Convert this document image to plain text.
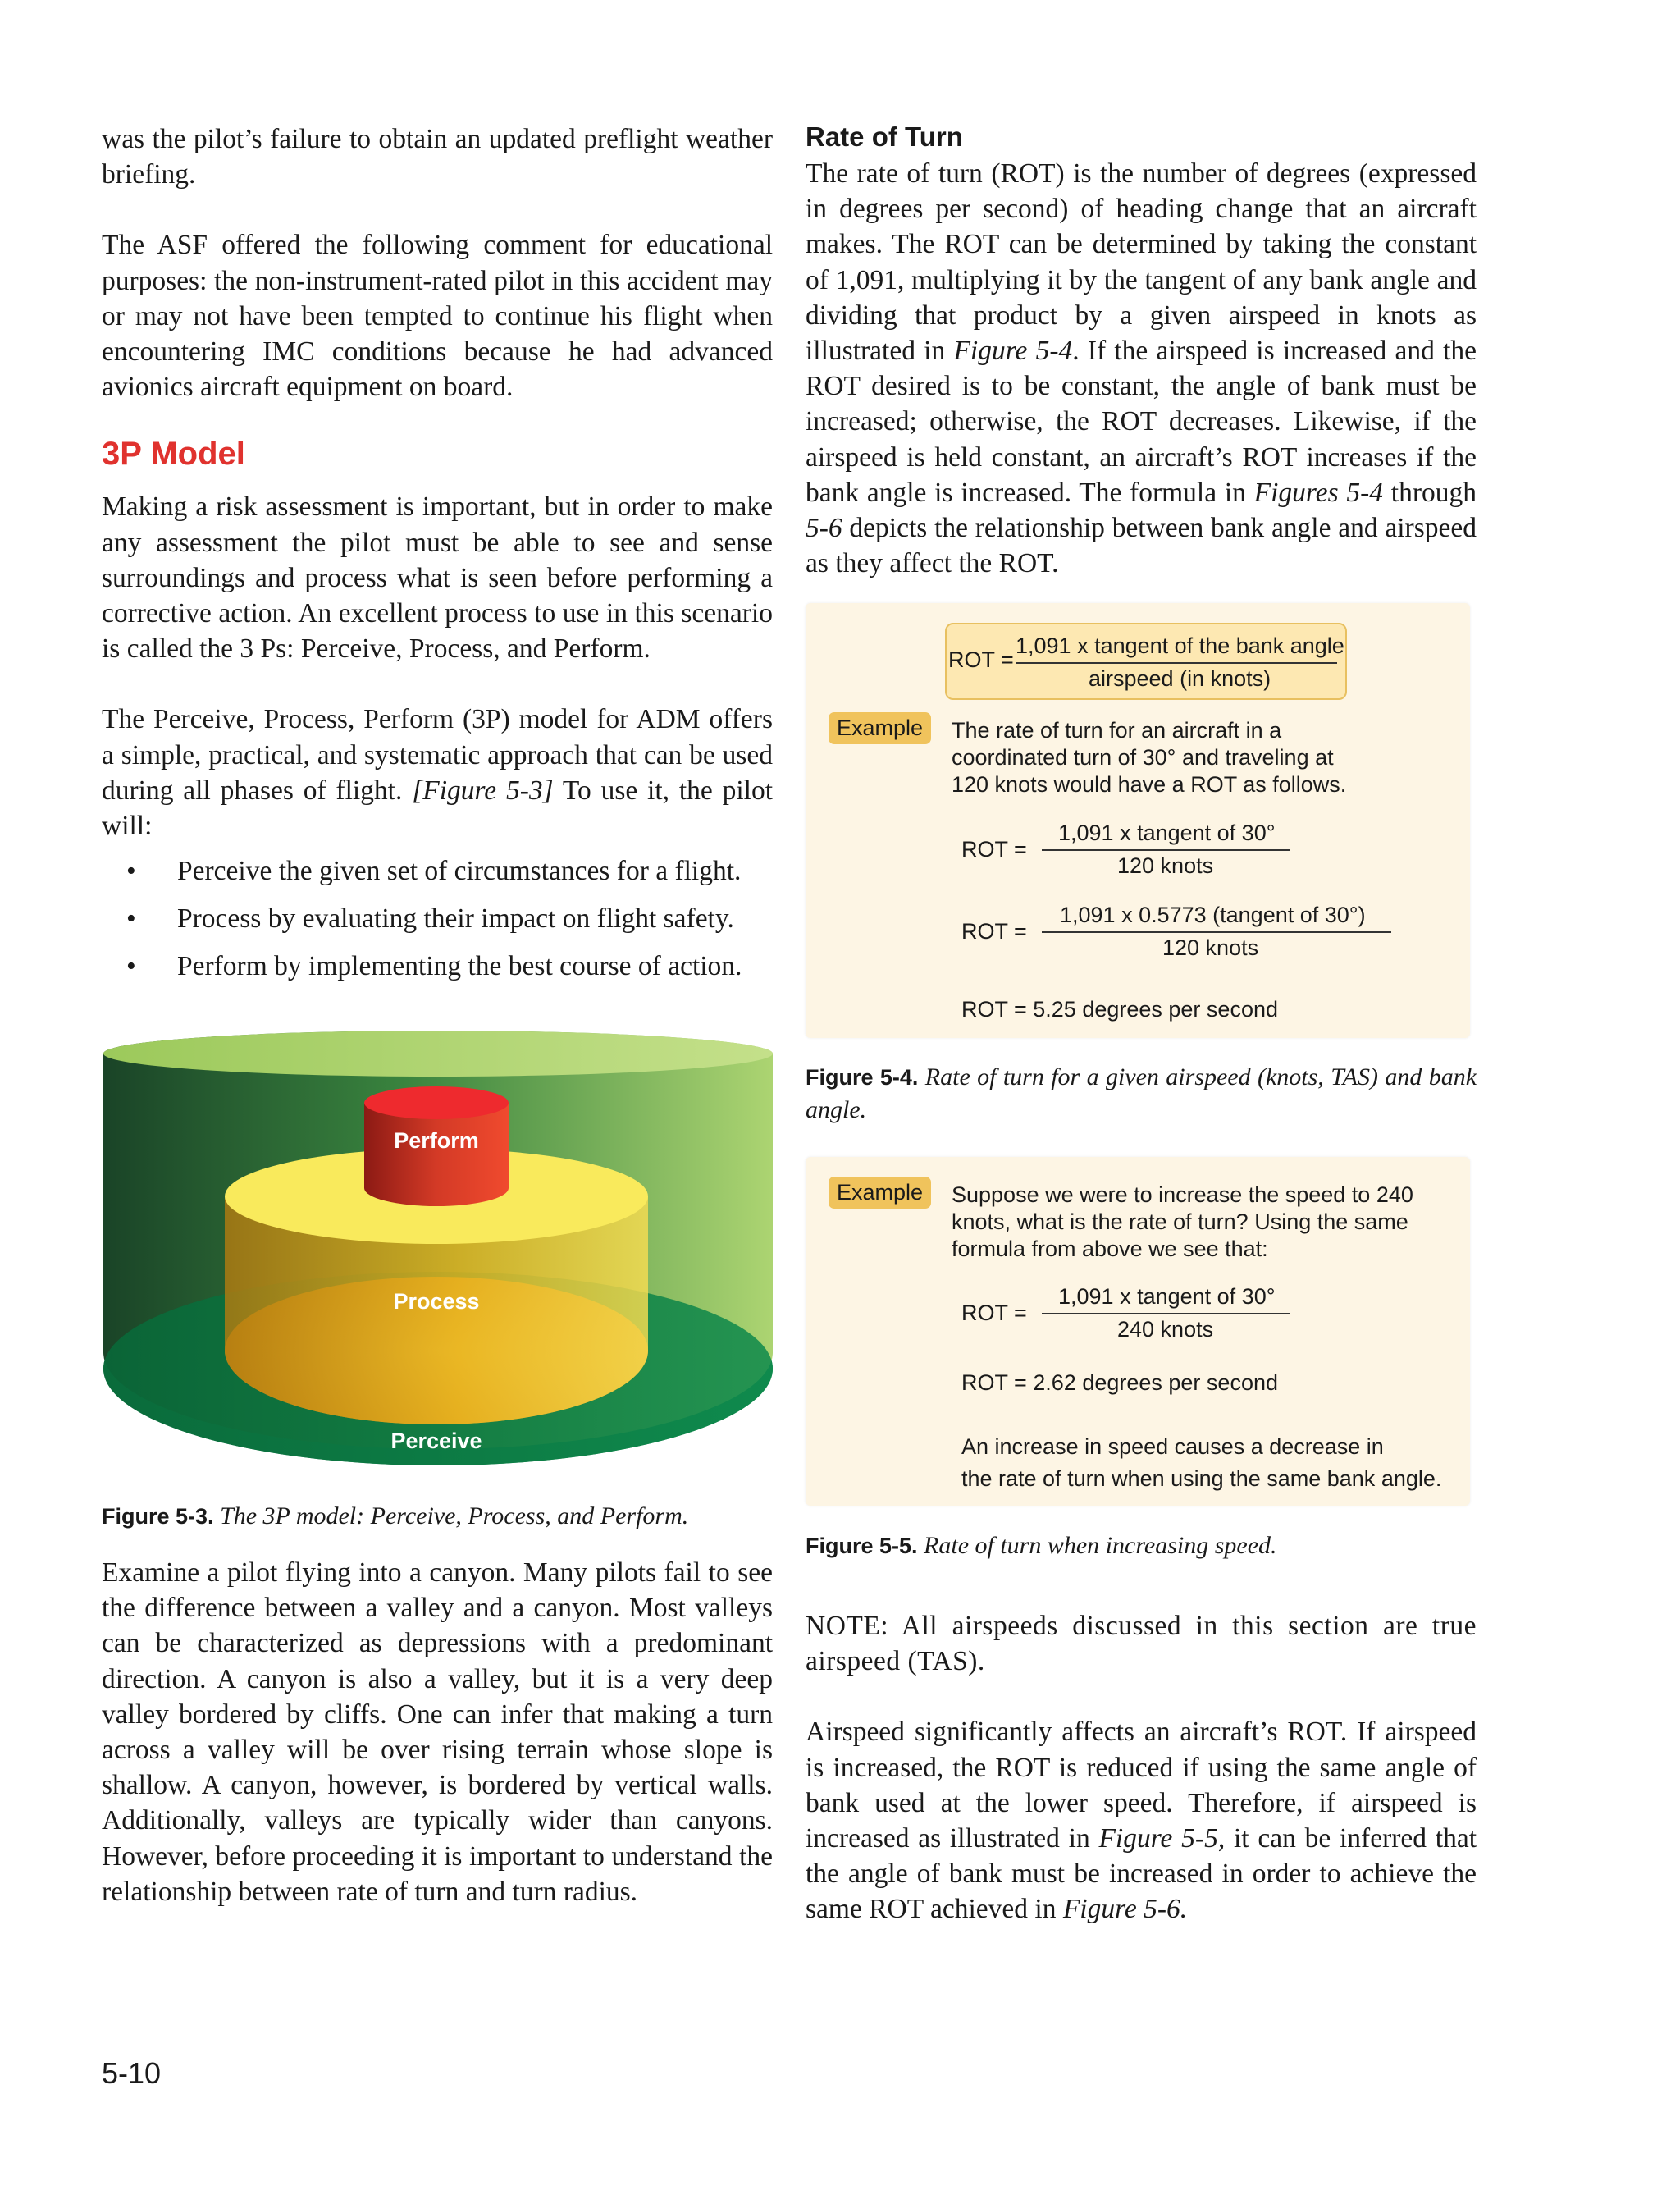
was the pilot’s failure to obtain an updated preflight weather briefing.

The ASF offered the following comment for educational purposes: the non-instrument-rated pilot in this accident may or may not have been tempted to continue his flight when encountering IMC conditions because he had advanced avionics aircraft equipment on board.

3P Model

Making a risk assessment is important, but in order to make any assessment the pilot must be able to see and sense surroundings and process what is seen before performing a corrective action. An excellent process to use in this scenario is called the 3 Ps: Perceive, Process, and Perform.

The Perceive, Process, Perform (3P) model for ADM offers a simple, practical, and systematic approach that can be used during all phases of flight. [Figure 5-3] To use it, the pilot will:

• Perceive the given set of circumstances for a flight.
• Process by evaluating their impact on flight safety.
• Perform by implementing the best course of action.
Perform
Process
Perceive
Figure 5-3. The 3P model: Perceive, Process, and Perform.

Examine a pilot flying into a canyon. Many pilots fail to see the difference between a valley and a canyon. Most valleys can be characterized as depressions with a predominant direction. A canyon is also a valley, but it is a very deep valley bordered by cliffs. One can infer that making a turn across a valley will be over rising terrain whose slope is shallow. A canyon, however, is bordered by vertical walls. Additionally, valleys are typically wider than canyons. However, before proceeding it is important to understand the relationship between rate of turn and turn radius.

Rate of Turn

The rate of turn (ROT) is the number of degrees (expressed in degrees per second) of heading change that an aircraft makes. The ROT can be determined by taking the constant of 1,091, multiplying it by the tangent of any bank angle and dividing that product by a given airspeed in knots as illustrated in Figure 5-4. If the airspeed is increased and the ROT desired is to be constant, the angle of bank must be increased; otherwise, the ROT decreases. Likewise, if the airspeed is held constant, an aircraft’s ROT increases if the bank angle is increased. The formula in Figures 5-4 through 5-6 depicts the relationship between bank angle and airspeed as they affect the ROT.

ROT =
1,091 x tangent of the bank angle
airspeed (in knots)
Example	The rate of turn for an aircraft in a
coordinated turn of 30° and traveling at
120 knots would have a ROT as follows.
ROT =
1,091 x tangent of 30°
120 knots
ROT =
1,091 x 0.5773 (tangent of 30°)
120 knots
ROT = 5.25 degrees per second
Figure 5-4. Rate of turn for a given airspeed (knots, TAS) and bank angle.
Example	Suppose we were to increase the speed to 240
knots, what is the rate of turn? Using the same
formula from above we see that:
ROT =
1,091 x tangent of 30°
240 knots
ROT = 2.62 degrees per second
An increase in speed causes a decrease in
the rate of turn when using the same bank angle.
Figure 5-5. Rate of turn when increasing speed.

NOTE: All airspeeds discussed in this section are true airspeed (TAS).

Airspeed significantly affects an aircraft’s ROT. If airspeed is increased, the ROT is reduced if using the same angle of bank used at the lower speed. Therefore, if airspeed is increased as illustrated in Figure 5-5, it can be inferred that the angle of bank must be increased in order to achieve the same ROT achieved in Figure 5-6.

5-10
